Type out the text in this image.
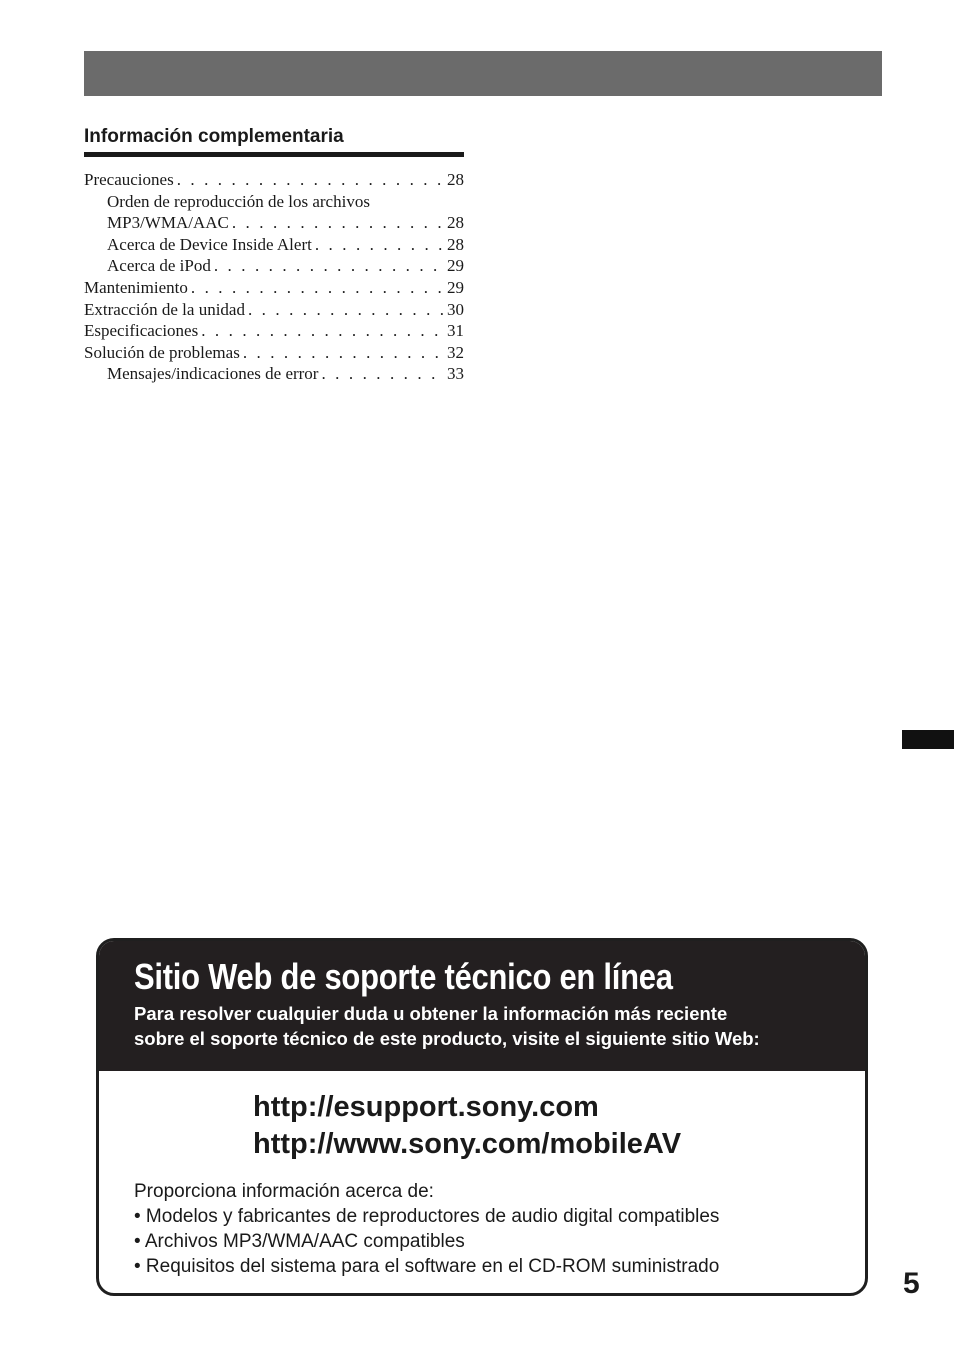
Información complementaria
Precauciones . . .	28
Orden de reproducción de los archivos
MP3/WMA/AAC . . .	28
Acerca de Device Inside Alert . . .	28
Acerca de iPod . . .	29
Mantenimiento . . .	29
Extracción de la unidad . . .	30
Especificaciones . . .	31
Solución de problemas . . .	32
Mensajes/indicaciones de error . . .	33
Sitio Web de soporte técnico en línea
Para resolver cualquier duda u obtener la información más reciente
sobre el soporte técnico de este producto, visite el siguiente sitio Web:
http://esupport.sony.com
http://www.sony.com/mobileAV
Proporciona información acerca de:
• Modelos y fabricantes de reproductores de audio digital compatibles
• Archivos MP3/WMA/AAC compatibles
• Requisitos del sistema para el software en el CD-ROM suministrado
5
